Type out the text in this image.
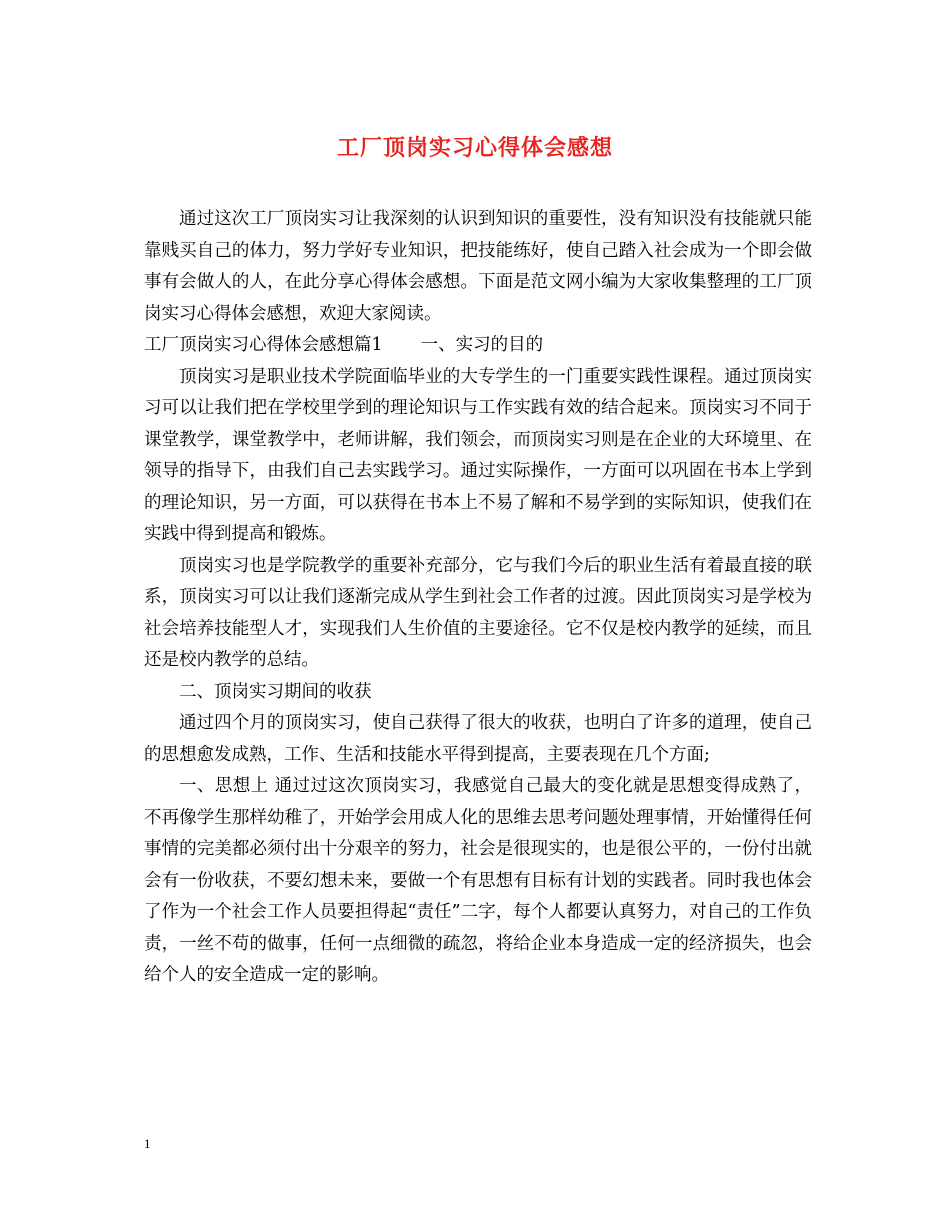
工厂顶岗实习心得体会感想

通过这次工厂顶岗实习让我深刻的认识到知识的重要性，没有知识没有技能就只能靠贱买自己的体力，努力学好专业知识，把技能练好，使自己踏入社会成为一个即会做事有会做人的人，在此分享心得体会感想。下面是范文网小编为大家收集整理的工厂顶岗实习心得体会感想，欢迎大家阅读。

工厂顶岗实习心得体会感想篇1 一、实习的目的

顶岗实习是职业技术学院面临毕业的大专学生的一门重要实践性课程。通过顶岗实习可以让我们把在学校里学到的理论知识与工作实践有效的结合起来。顶岗实习不同于课堂教学，课堂教学中，老师讲解，我们领会，而顶岗实习则是在企业的大环境里、在领导的指导下，由我们自己去实践学习。通过实际操作，一方面可以巩固在书本上学到的理论知识，另一方面，可以获得在书本上不易了解和不易学到的实际知识，使我们在实践中得到提高和锻炼。

顶岗实习也是学院教学的重要补充部分，它与我们今后的职业生活有着最直接的联系，顶岗实习可以让我们逐渐完成从学生到社会工作者的过渡。因此顶岗实习是学校为社会培养技能型人才，实现我们人生价值的主要途径。它不仅是校内教学的延续，而且还是校内教学的总结。

二、顶岗实习期间的收获

通过四个月的顶岗实习，使自己获得了很大的收获，也明白了许多的道理，使自己的思想愈发成熟，工作、生活和技能水平得到提高，主要表现在几个方面;

一、思想上 通过过这次顶岗实习，我感觉自己最大的变化就是思想变得成熟了，不再像学生那样幼稚了，开始学会用成人化的思维去思考问题处理事情，开始懂得任何事情的完美都必须付出十分艰辛的努力，社会是很现实的，也是很公平的，一份付出就会有一份收获，不要幻想未来，要做一个有思想有目标有计划的实践者。同时我也体会了作为一个社会工作人员要担得起“责任”二字，每个人都要认真努力，对自己的工作负责，一丝不苟的做事，任何一点细微的疏忽，将给企业本身造成一定的经济损失，也会给个人的安全造成一定的影响。

1
